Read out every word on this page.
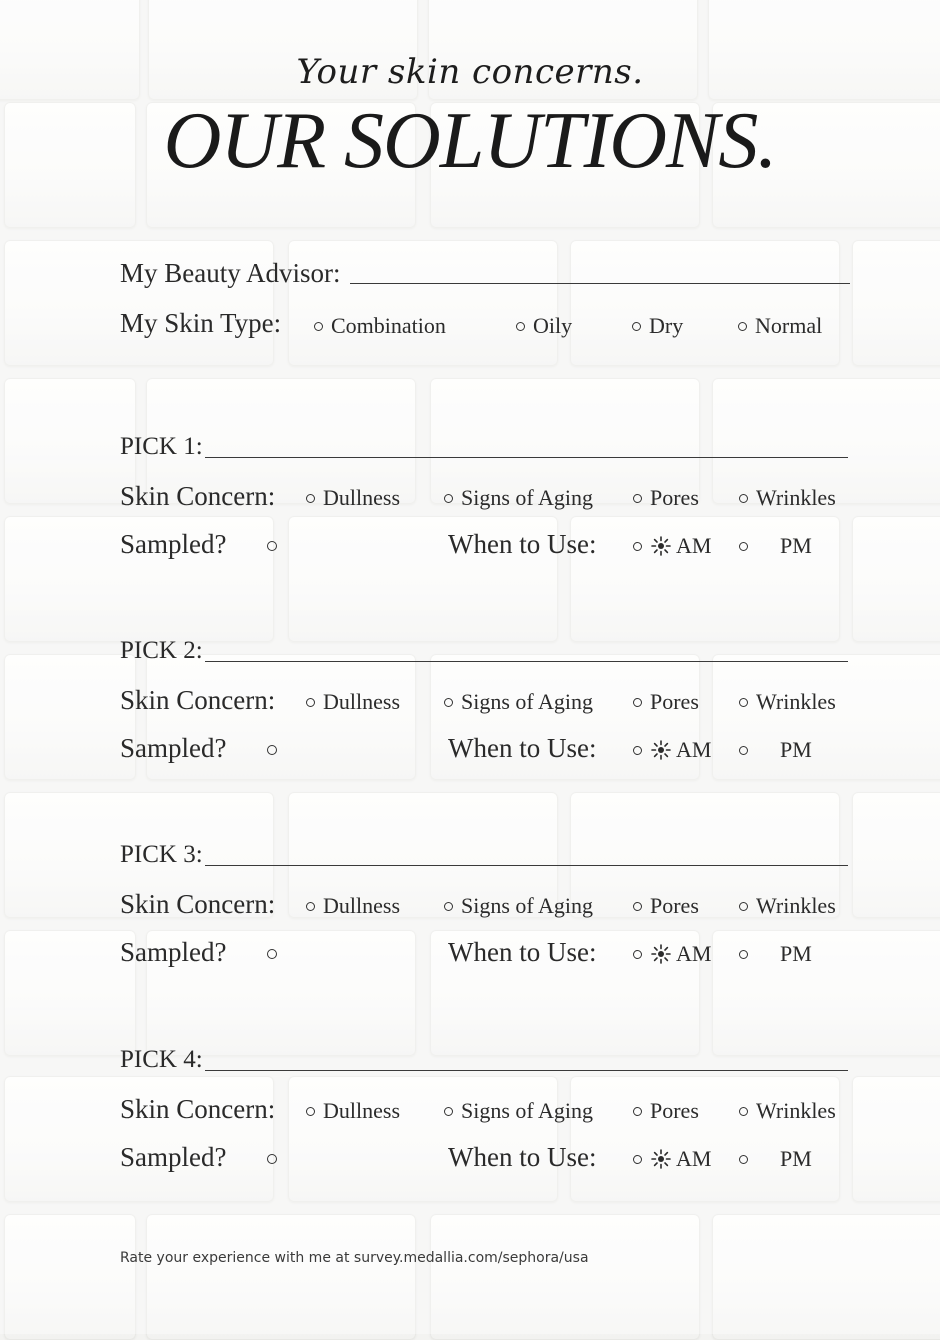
Your skin concerns.
OUR SOLUTIONS.
My Beauty Advisor:
My Skin Type: Combination	Oily	Dry	Normal
PICK 1:
Skin Concern: Dullness	Signs of Aging	Pores	Wrinkles
Sampled?	When to Use:	AM	PM
PICK 2:
Skin Concern: Dullness	Signs of Aging	Pores	Wrinkles
Sampled?	When to Use:	AM	PM
PICK 3:
Skin Concern: Dullness	Signs of Aging	Pores	Wrinkles
Sampled?	When to Use:	AM	PM
PICK 4:
Skin Concern: Dullness	Signs of Aging	Pores	Wrinkles
Sampled?	When to Use:	AM	PM
Rate your experience with me at survey.medallia.com/sephora/usa
